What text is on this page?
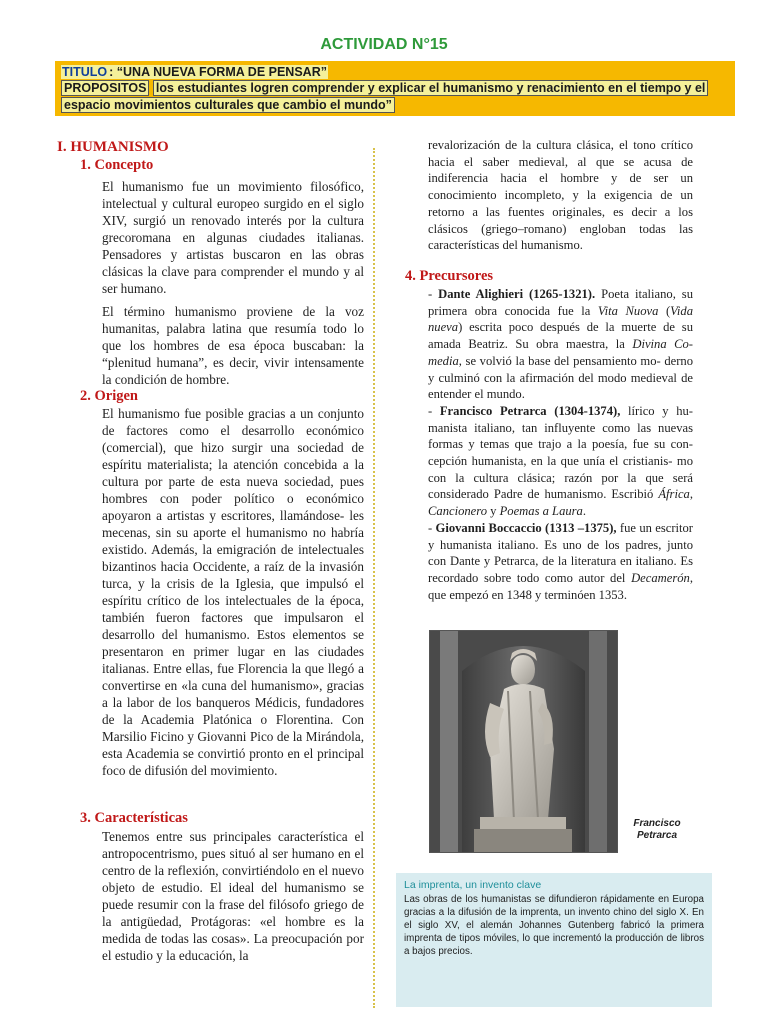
ACTIVIDAD N°15
TITULO : “UNA NUEVA FORMA DE PENSAR”
PROPOSITOS los estudiantes logren comprender y explicar el humanismo y renacimiento en el tiempo y el
espacio movimientos culturales que cambio el mundo”
I. HUMANISMO
1. Concepto

El humanismo fue un movimiento filosófico, intelectual y cultural europeo surgido en el siglo XIV, surgió un renovado interés por la cultura grecoromana en algunas ciudades italianas. Pensadores y artistas buscaron en las obras clásicas la clave para comprender el mundo y al ser humano.

El término humanismo proviene de la voz humanitas, palabra latina que resumía todo lo que los hombres de esa época buscaban: la “plenitud humana”, es decir, vivir intensamente la condición de hombre.

2. Origen
El humanismo fue posible gracias a un conjunto de factores como el desarrollo económico (comercial), que hizo surgir una sociedad de espíritu materialista; la atención concebida a la cultura por parte de esta nueva sociedad, pues hombres con poder político o económico apoyaron a artistas y escritores, llamándose- les mecenas, sin su aporte el humanismo no habría existido. Además, la emigración de intelectuales bizantinos hacia Occidente, a raíz de la invasión turca, y la crisis de la Iglesia, que impulsó el espíritu crítico de los intelectuales de la época, también fueron factores que impulsaron el desarrollo del humanismo. Estos elementos se presentaron en primer lugar en las ciudades italianas. Entre ellas, fue Florencia la que llegó a convertirse en «la cuna del humanismo», gracias a la labor de los banqueros Médicis, fundadores de la Academia Platónica o Florentina. Con Marsilio Ficino y Giovanni Pico de la Mirándola, esta Academia se convirtió pronto en el principal foco de difusión del movimiento.
3. Características
Tenemos entre sus principales característica el antropocentrismo, pues situó al ser humano en el centro de la reflexión, convirtiéndolo en el nuevo objeto de estudio. El ideal del humanismo se puede resumir con la frase del filósofo griego de la antigüedad, Protágoras: «el hombre es la medida de todas las cosas». La preocupación por el estudio y la educación, la
revalorización de la cultura clásica, el tono crítico hacia el saber medieval, al que se acusa de indiferencia hacia el hombre y de ser un conocimiento incompleto, y la exigencia de un retorno a las fuentes originales, es decir a los clásicos (griego–romano) engloban todas las características del humanismo.
4. Precursores

- Dante Alighieri (1265-1321). Poeta italiano, su primera obra conocida fue la Vita Nuova (Vida nueva) escrita poco después de la muerte de su amada Beatriz. Su obra maestra, la Divina Co- media, se volvió la base del pensamiento mo- derno y culminó con la afirmación del modo medieval de entender el mundo.

- Francisco Petrarca (1304-1374), lírico y hu- manista italiano, tan influyente como las nuevas formas y temas que trajo a la poesía, fue su con- cepción humanista, en la que unía el cristianis- mo con la cultura clásica; razón por la que será considerado Padre de humanismo. Escribió África, Cancionero y Poemas a Laura.

- Giovanni Boccaccio (1313 –1375), fue un escritor y humanista italiano. Es uno de los padres, junto con Dante y Petrarca, de la literatura en italiano. Es recordado sobre todo como autor del Decamerón, que empezó en 1348 y terminóen 1353.

Francisco Petrarca
La imprenta, un invento clave
Las obras de los humanistas se difundieron rápidamente en Europa gracias a la difusión de la imprenta, un invento chino del siglo X. En el siglo XV, el alemán Johannes Gutenberg fabricó la primera imprenta de tipos móviles, lo que incrementó la producción de libros a bajos precios.
